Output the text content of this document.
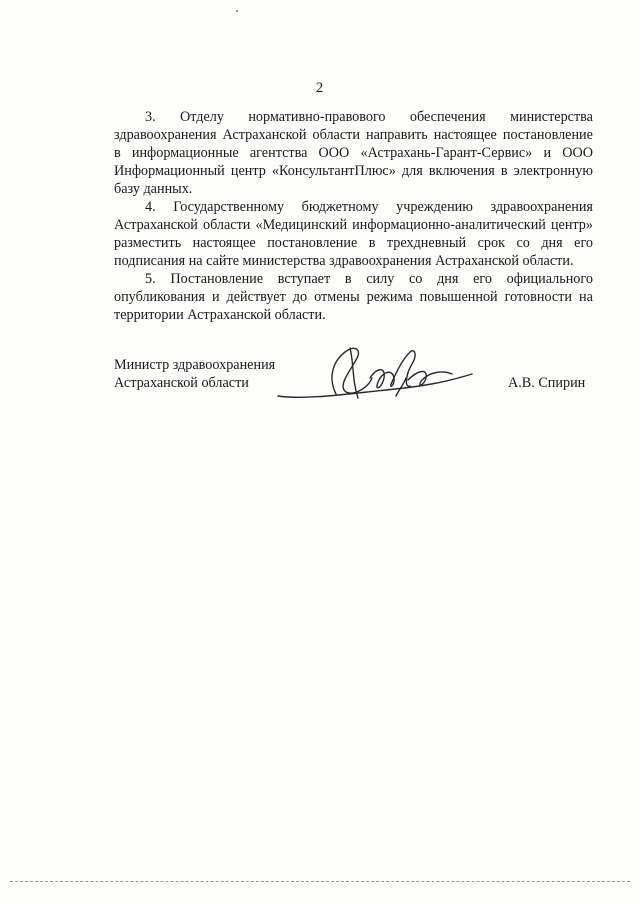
2
3. Отделу нормативно-правового обеспечения министерства
здравоохранения Астраханской области направить настоящее постановление
в информационные агентства ООО «Астрахань-Гарант-Сервис» и ООО
Информационный центр «КонсультантПлюс» для включения в электронную
базу данных.
4. Государственному бюджетному учреждению здравоохранения
Астраханской области «Медицинский информационно-аналитический центр»
разместить настоящее постановление в трехдневный срок со дня его
подписания на сайте министерства здравоохранения Астраханской области.
5. Постановление вступает в силу со дня его официального
опубликования и действует до отмены режима повышенной готовности на
территории Астраханской области.
Министр здравоохранения
Астраханской области	А.В. Спирин
